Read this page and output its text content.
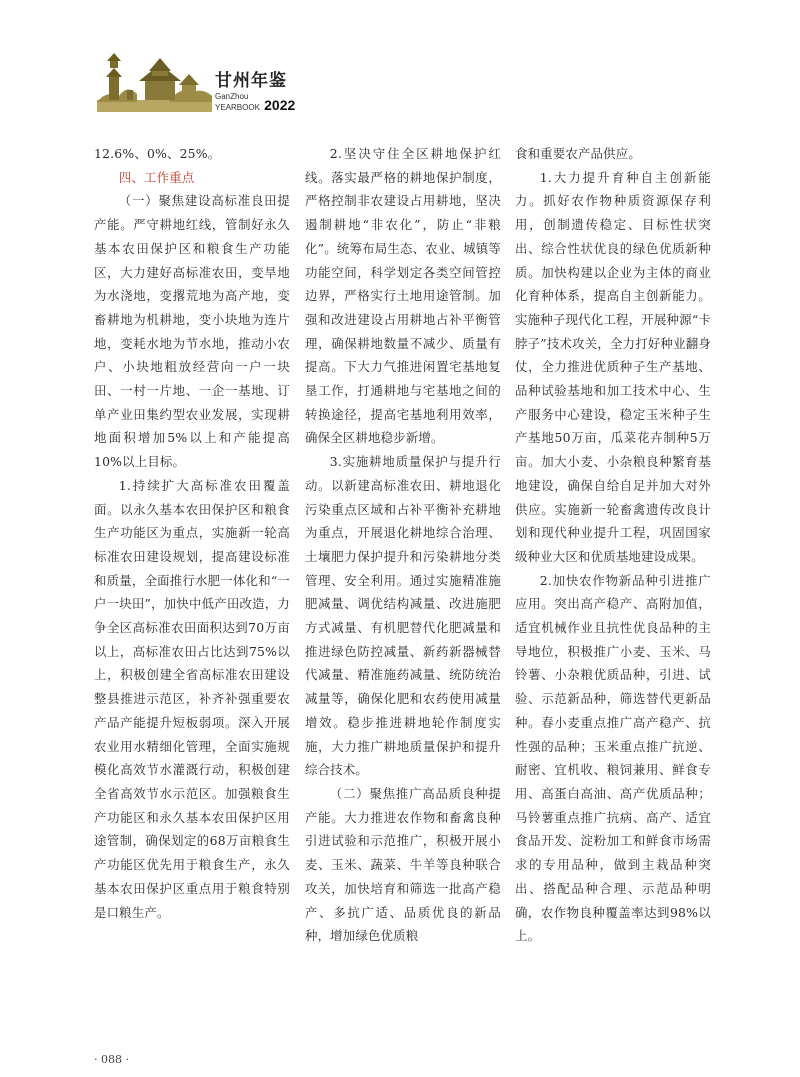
甘州年鉴
GanZhou
YEARBOOK 2022

12.6%、0%、25%。

四、工作重点

（一）聚焦建设高标准良田提产能。严守耕地红线，管制好永久基本农田保护区和粮食生产功能区，大力建好高标准农田，变旱地为水浇地，变撂荒地为高产地，变畜耕地为机耕地，变小块地为连片地，变耗水地为节水地，推动小农户、小块地粗放经营向一户一块田、一村一片地、一企一基地、订单产业田集约型农业发展，实现耕地面积增加5%以上和产能提高10%以上目标。

1.持续扩大高标准农田覆盖面。以永久基本农田保护区和粮食生产功能区为重点，实施新一轮高标准农田建设规划，提高建设标准和质量，全面推行水肥一体化和“一户一块田”，加快中低产田改造，力争全区高标准农田面积达到70万亩以上，高标准农田占比达到75%以上，积极创建全省高标准农田建设整县推进示范区，补齐补强重要农产品产能提升短板弱项。深入开展农业用水精细化管理，全面实施规模化高效节水灌溉行动，积极创建全省高效节水示范区。加强粮食生产功能区和永久基本农田保护区用途管制，确保划定的68万亩粮食生产功能区优先用于粮食生产，永久基本农田保护区重点用于粮食特别是口粮生产。

2.坚决守住全区耕地保护红线。落实最严格的耕地保护制度，严格控制非农建设占用耕地，坚决遏制耕地“非农化”，防止“非粮化”。统筹布局生态、农业、城镇等功能空间，科学划定各类空间管控边界，严格实行土地用途管制。加强和改进建设占用耕地占补平衡管理，确保耕地数量不减少、质量有提高。下大力气推进闲置宅基地复垦工作，打通耕地与宅基地之间的转换途径，提高宅基地利用效率，确保全区耕地稳步新增。

3.实施耕地质量保护与提升行动。以新建高标准农田、耕地退化污染重点区域和占补平衡补充耕地为重点，开展退化耕地综合治理、土壤肥力保护提升和污染耕地分类管理、安全利用。通过实施精准施肥减量、调优结构减量、改进施肥方式减量、有机肥替代化肥减量和推进绿色防控减量、新药新器械替代减量、精准施药减量、统防统治减量等，确保化肥和农药使用减量增效。稳步推进耕地轮作制度实施，大力推广耕地质量保护和提升综合技术。

（二）聚焦推广高品质良种提产能。大力推进农作物和畜禽良种引进试验和示范推广，积极开展小麦、玉米、蔬菜、牛羊等良种联合攻关，加快培育和筛选一批高产稳产、多抗广适、品质优良的新品种，增加绿色优质粮

食和重要农产品供应。

1.大力提升育种自主创新能力。抓好农作物种质资源保存利用，创制遗传稳定、目标性状突出、综合性状优良的绿色优质新种质。加快构建以企业为主体的商业化育种体系，提高自主创新能力。实施种子现代化工程，开展种源“卡脖子”技术攻关，全力打好种业翻身仗，全力推进优质种子生产基地、品种试验基地和加工技术中心、生产服务中心建设，稳定玉米种子生产基地50万亩，瓜菜花卉制种5万亩。加大小麦、小杂粮良种繁育基地建设，确保自给自足并加大对外供应。实施新一轮畜禽遗传改良计划和现代种业提升工程，巩固国家级种业大区和优质基地建设成果。

2.加快农作物新品种引进推广应用。突出高产稳产、高附加值，适宜机械作业且抗性优良品种的主导地位，积极推广小麦、玉米、马铃薯、小杂粮优质品种，引进、试验、示范新品种，筛选替代更新品种。春小麦重点推广高产稳产、抗性强的品种；玉米重点推广抗逆、耐密、宜机收、粮饲兼用、鲜食专用、高蛋白高油、高产优质品种；马铃薯重点推广抗病、高产、适宜食品开发、淀粉加工和鲜食市场需求的专用品种，做到主栽品种突出、搭配品种合理、示范品种明确，农作物良种覆盖率达到98%以上。

· 088 ·
